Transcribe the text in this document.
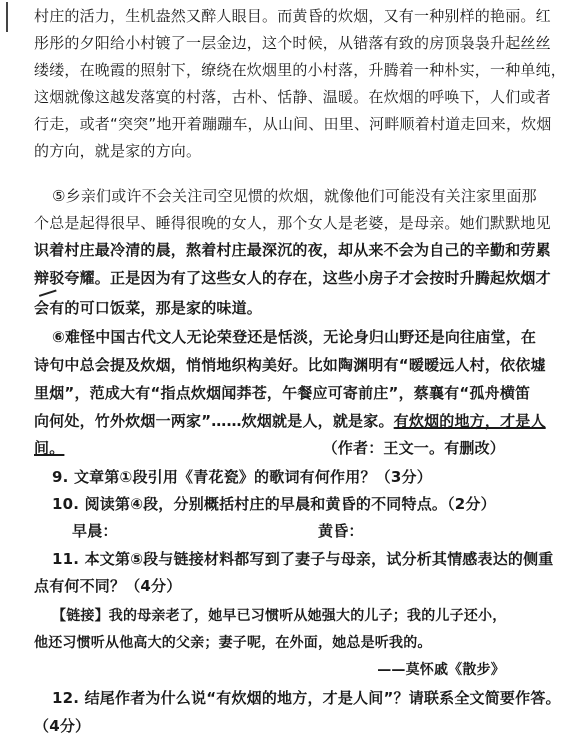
村庄的活力，生机盎然又醉人眼目。而黄昏的炊烟，又有一种别样的艳丽。红
彤彤的夕阳给小村镀了一层金边，这个时候，从错落有致的房顶袅袅升起丝丝
缕缕，在晚霞的照射下，缭绕在炊烟里的小村落，升腾着一种朴实，一种单纯，
这烟就像这越发落寞的村落，古朴、恬静、温暖。在炊烟的呼唤下，人们或者
行走，或者“突突”地开着蹦蹦车，从山间、田里、河畔顺着村道走回来，炊烟
的方向，就是家的方向。
⑤乡亲们或许不会关注司空见惯的炊烟，就像他们可能没有关注家里面那
个总是起得很早、睡得很晚的女人，那个女人是老婆，是母亲。她们默默地见
识着村庄最冷清的晨，熬着村庄最深沉的夜，却从来不会为自己的辛勤和劳累
辩驳夸耀。正是因为有了这些女人的存在，这些小房子才会按时升腾起炊烟才
会有的可口饭菜，那是家的味道。
⑥难怪中国古代文人无论荣登还是恬淡，无论身归山野还是向往庙堂，在
诗句中总会提及炊烟，悄悄地织构美好。比如陶渊明有“暧暧远人村，依依墟
里烟”，范成大有“指点炊烟闻莽苍，午餐应可寄前庄”，蔡襄有“孤舟横笛
向何处，竹外炊烟一两家”……炊烟就是人，就是家。有炊烟的地方，才是人
间。	（作者：王文一。有删改）
9. 文章第①段引用《青花瓷》的歌词有何作用？（3分）
10. 阅读第④段，分别概括村庄的早晨和黄昏的不同特点。（2分）
早晨：	黄昏：
11. 本文第⑤段与链接材料都写到了妻子与母亲，试分析其情感表达的侧重
点有何不同？（4分）
【链接】我的母亲老了，她早已习惯听从她强大的儿子；我的儿子还小，
他还习惯听从他高大的父亲；妻子呢，在外面，她总是听我的。
——莫怀戚《散步》
12. 结尾作者为什么说“有炊烟的地方，才是人间”？请联系全文简要作答。
（4分）
